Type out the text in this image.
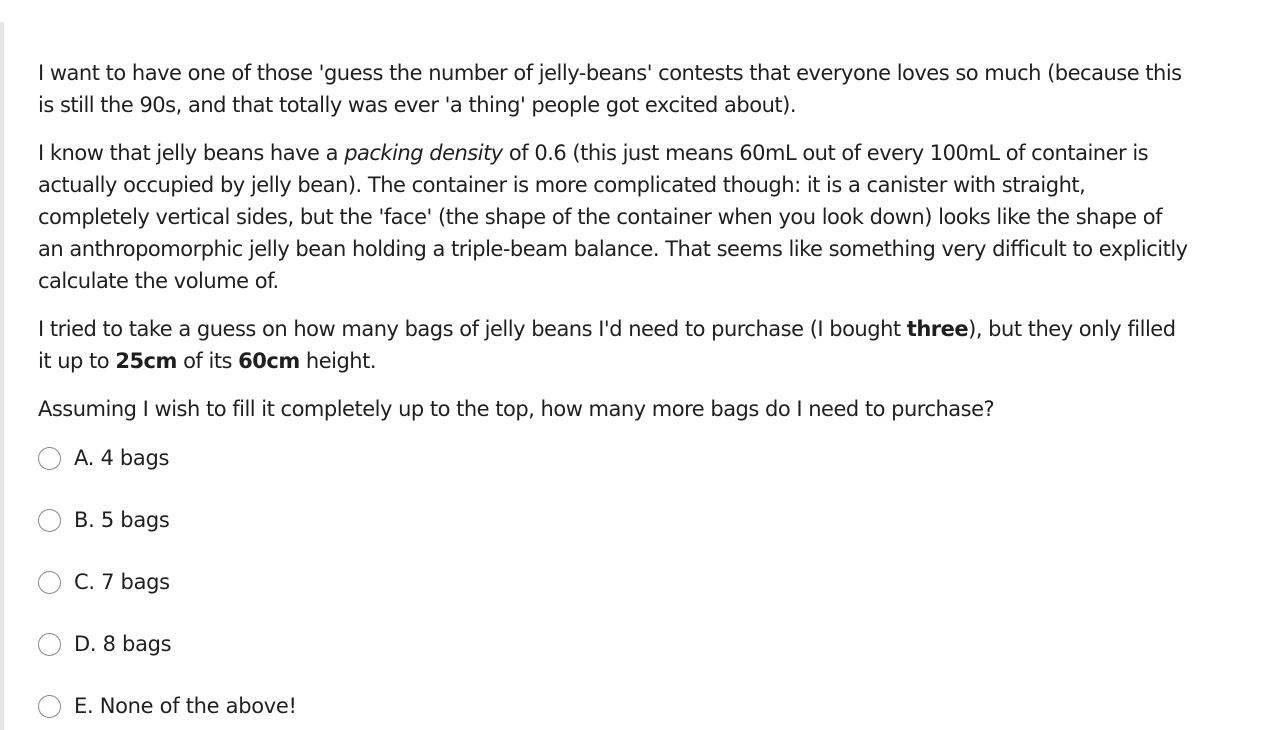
I want to have one of those 'guess the number of jelly-beans' contests that everyone loves so much (because this is still the 90s, and that totally was ever 'a thing' people got excited about).

I know that jelly beans have a packing density of 0.6 (this just means 60mL out of every 100mL of container is actually occupied by jelly bean). The container is more complicated though: it is a canister with straight, completely vertical sides, but the 'face' (the shape of the container when you look down) looks like the shape of an anthropomorphic jelly bean holding a triple-beam balance. That seems like something very difficult to explicitly calculate the volume of.

I tried to take a guess on how many bags of jelly beans I'd need to purchase (I bought three), but they only filled it up to 25cm of its 60cm height.

Assuming I wish to fill it completely up to the top, how many more bags do I need to purchase?

A. 4 bags
B. 5 bags
C. 7 bags
D. 8 bags
E. None of the above!
